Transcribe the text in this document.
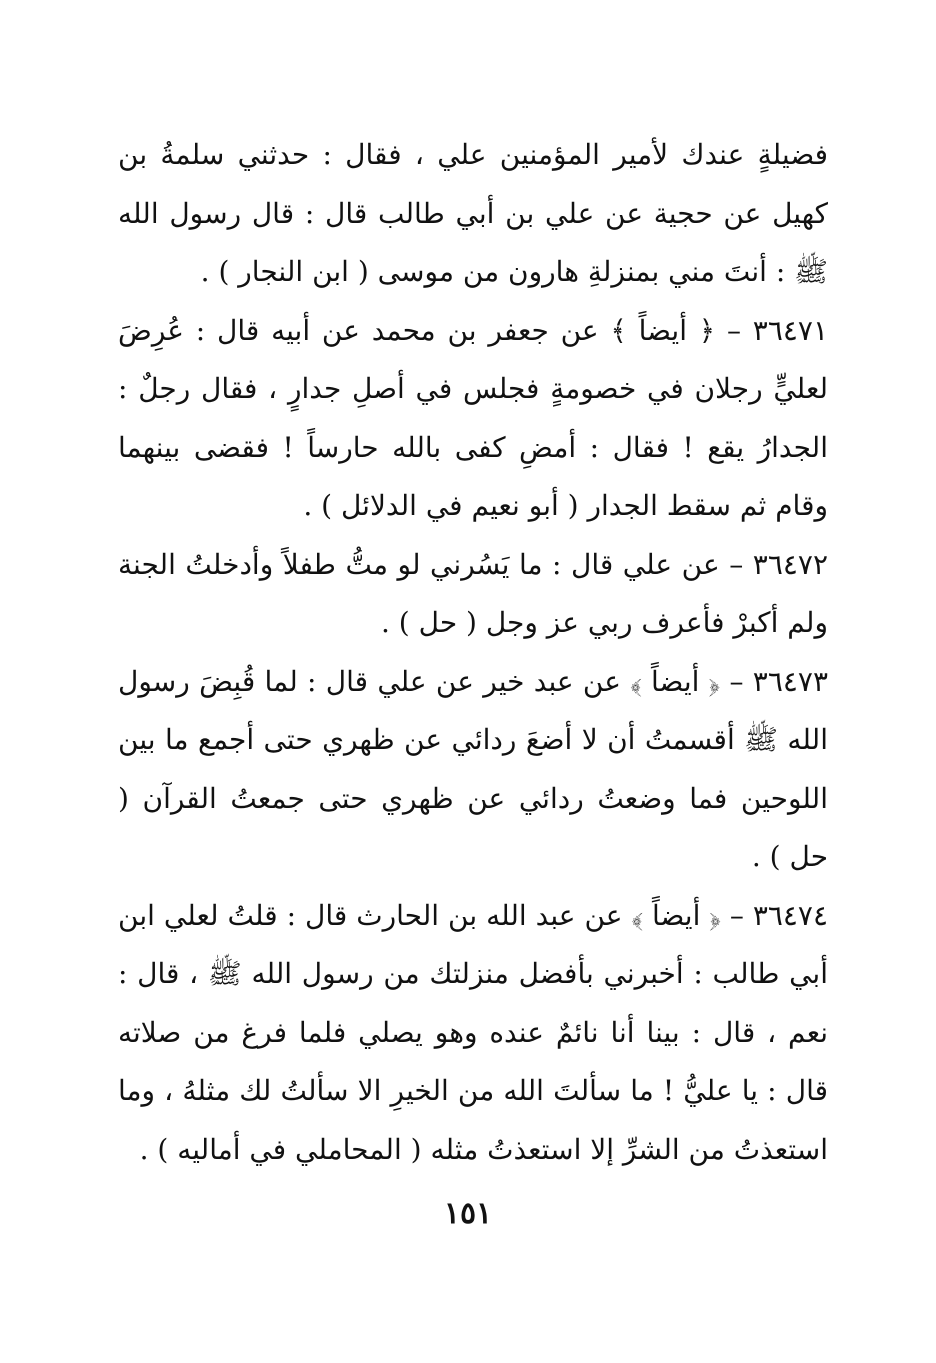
فضيلةٍ عندك لأمير المؤمنين علي ، فقال : حدثني سلمةُ بن كهيل عن حجية عن علي بن أبي طالب قال : قال رسول الله ﷺ : أنتَ مني بمنزلةِ هارون من موسى ( ابن النجار ) .

٣٦٤٧١ – ﴿ أيضاً ﴾ عن جعفر بن محمد عن أبيه قال : عُرِضَ لعليٍّ رجلان في خصومةٍ فجلس في أصلِ جدارٍ ، فقال رجلٌ : الجدارُ يقع ! فقال : أمضِ كفى بالله حارساً ! فقضى بينهما وقام ثم سقط الجدار ( أبو نعيم في الدلائل ) .

٣٦٤٧٢ – عن علي قال : ما يَسُرني لو متُّ طفلاً وأدخلتُ الجنة ولم أكبرْ فأعرف ربي عز وجل ( حل ) .

٣٦٤٧٣ – ﴿ أيضاً ﴾ عن عبد خير عن علي قال : لما قُبِضَ رسول الله ﷺ أقسمتُ أن لا أضعَ ردائي عن ظهري حتى أجمع ما بين اللوحين فما وضعتُ ردائي عن ظهري حتى جمعتُ القرآن ( حل ) .

٣٦٤٧٤ – ﴿ أيضاً ﴾ عن عبد الله بن الحارث قال : قلتُ لعلي ابن أبي طالب : أخبرني بأفضل منزلتك من رسول الله ﷺ ، قال : نعم ، قال : بينا أنا نائمٌ عنده وهو يصلي فلما فرغ من صلاته قال : يا عليُّ ! ما سألتَ الله من الخيرِ الا سألتُ لك مثلهُ ، وما استعذتُ من الشرِّ إلا استعذتُ مثله ( المحاملي في أماليه ) .

١٥١
